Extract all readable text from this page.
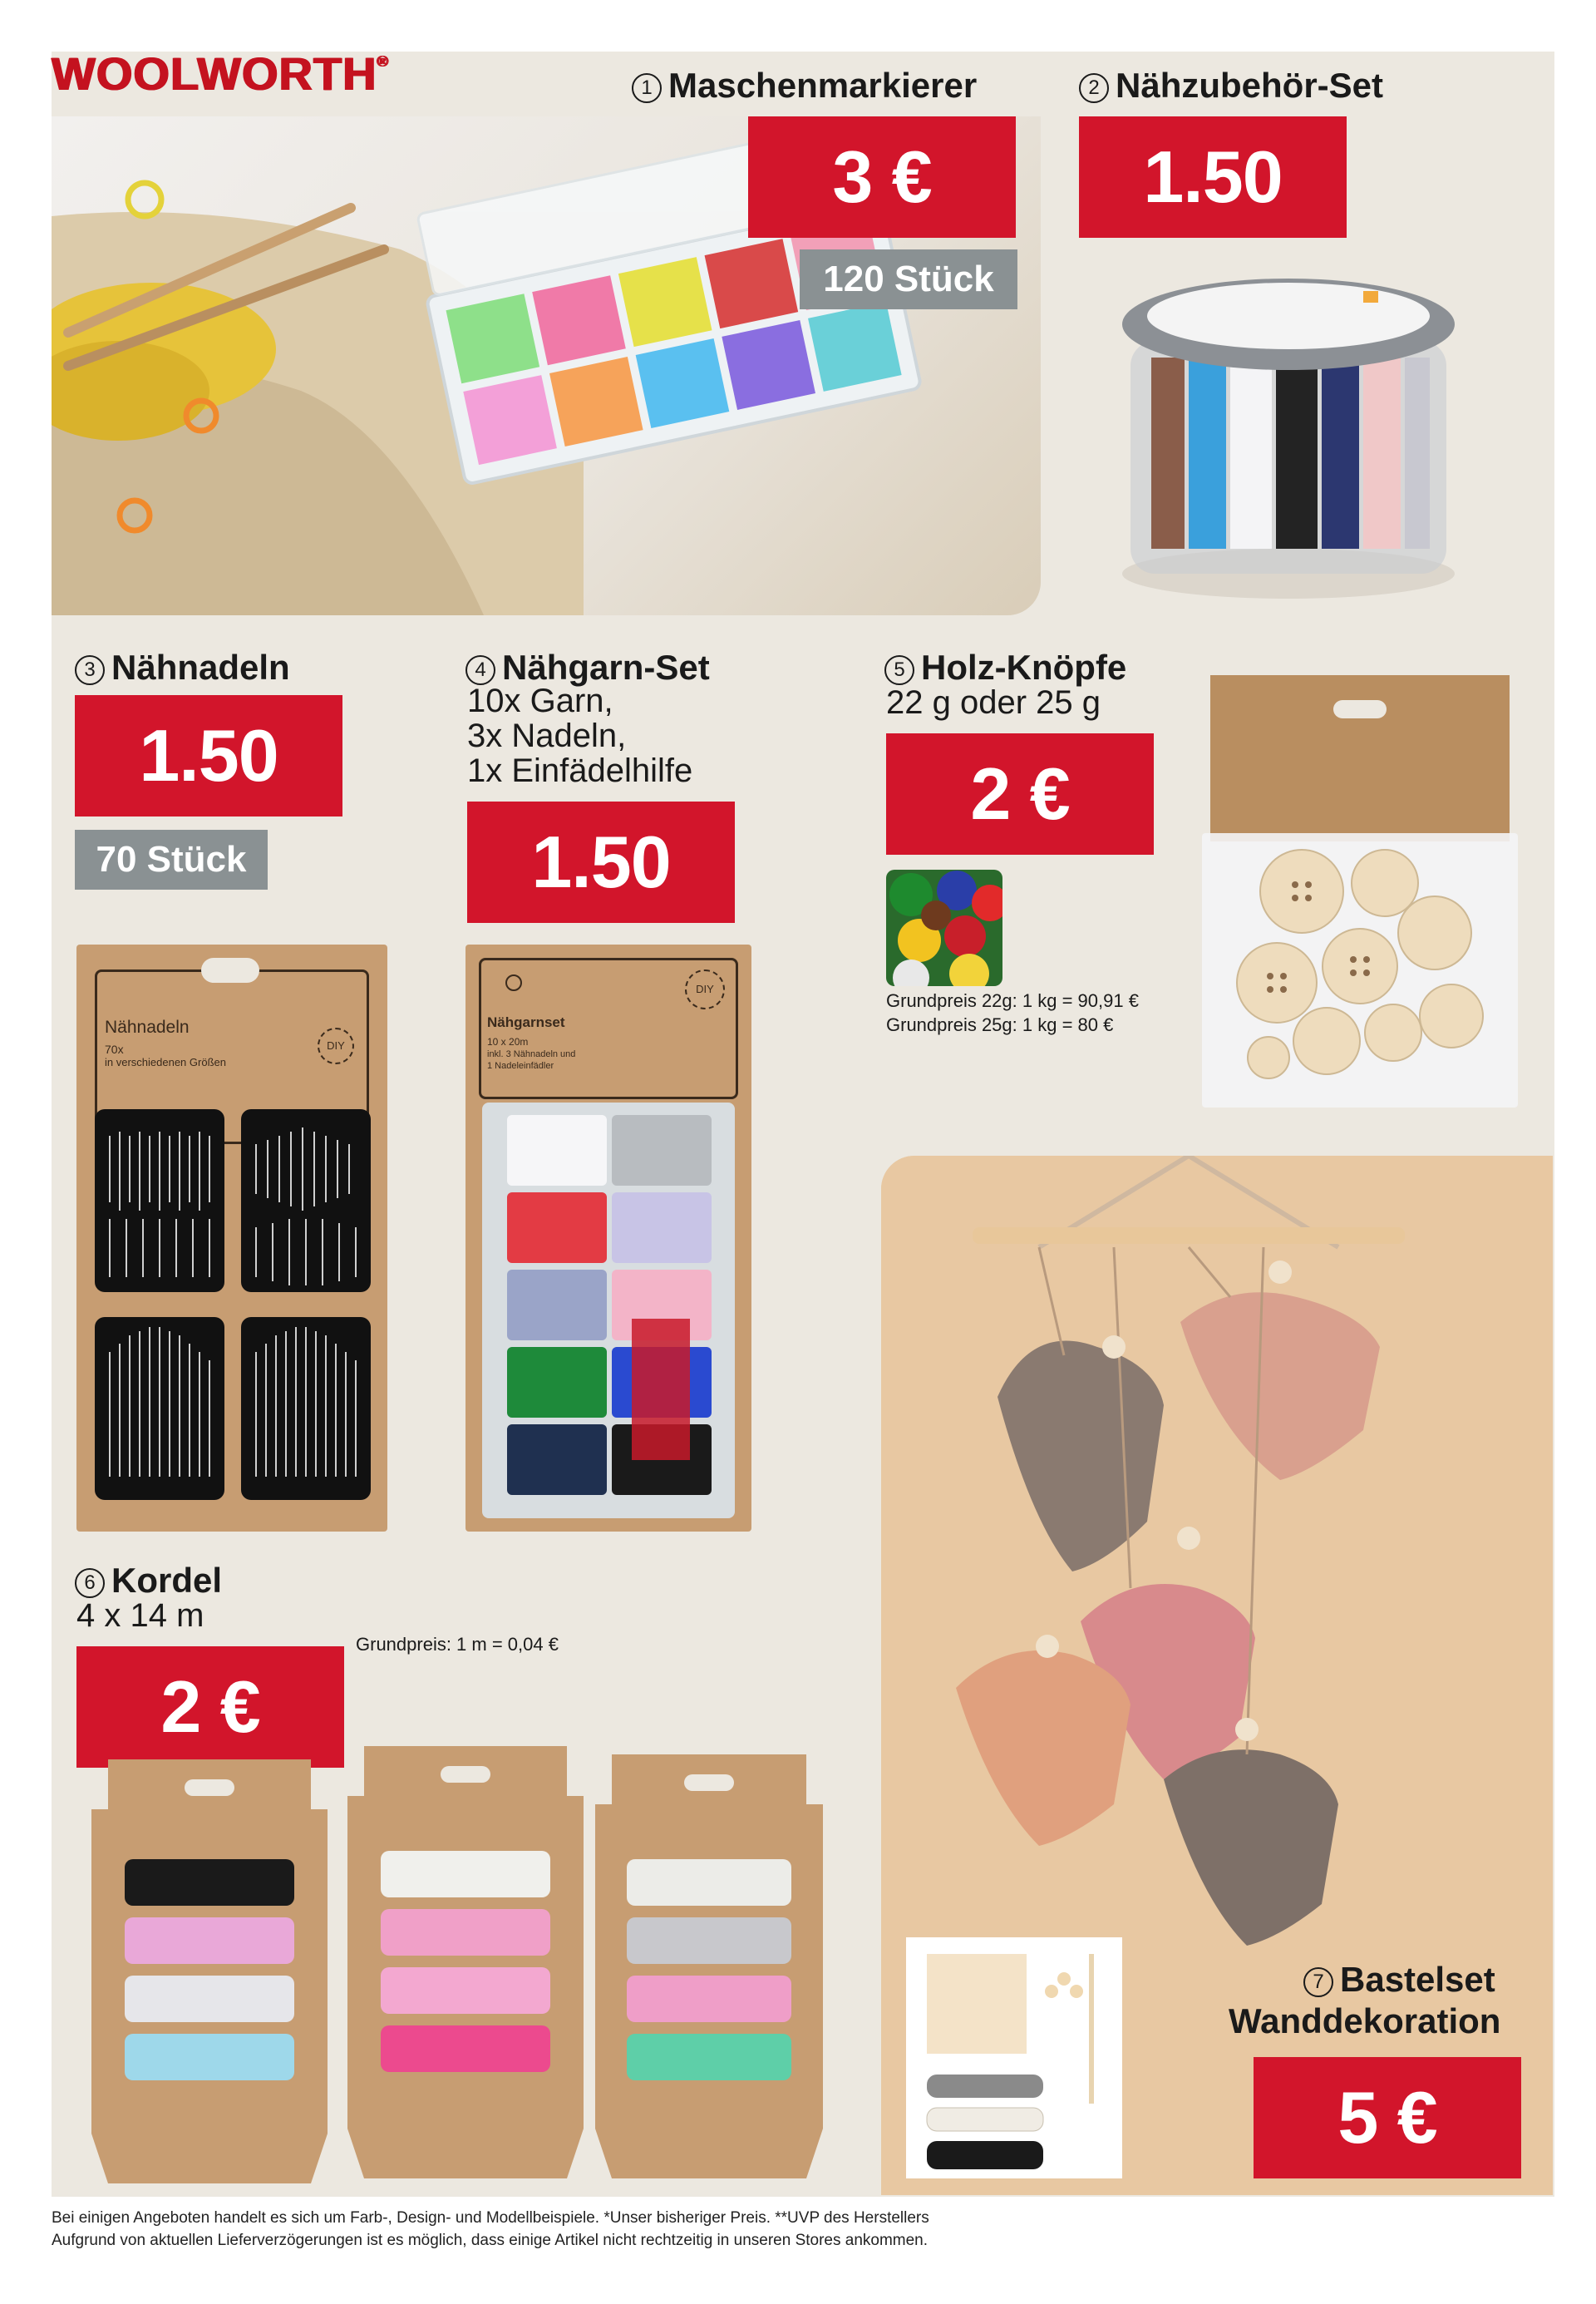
WOOLWORTH®
1 Maschenmarkierer
3 €
120 Stück
2 Nähzubehör-Set
1.50
3 Nähnadeln
1.50
70 Stück
Nähnadeln
70x
in verschiedenen Größen
DIY
4 Nähgarn-Set
10x Garn,
3x Nadeln,
1x Einfädelhilfe
1.50
Nähgarnset
10 x 20m
inkl. 3 Nähnadeln und
1 Nadeleinfädler
DIY
5 Holz-Knöpfe
22 g oder 25 g
2 €
Grundpreis 22g: 1 kg = 90,91 €
Grundpreis 25g: 1 kg = 80 €
6 Kordel
4 x 14 m
Grundpreis: 1 m = 0,04 €
2 €
7 Bastelset
Wanddekoration
5 €
Bei einigen Angeboten handelt es sich um Farb-, Design- und Modellbeispiele. *Unser bisheriger Preis. **UVP des Herstellers
Aufgrund von aktuellen Lieferverzögerungen ist es möglich, dass einige Artikel nicht rechtzeitig in unseren Stores ankommen.
